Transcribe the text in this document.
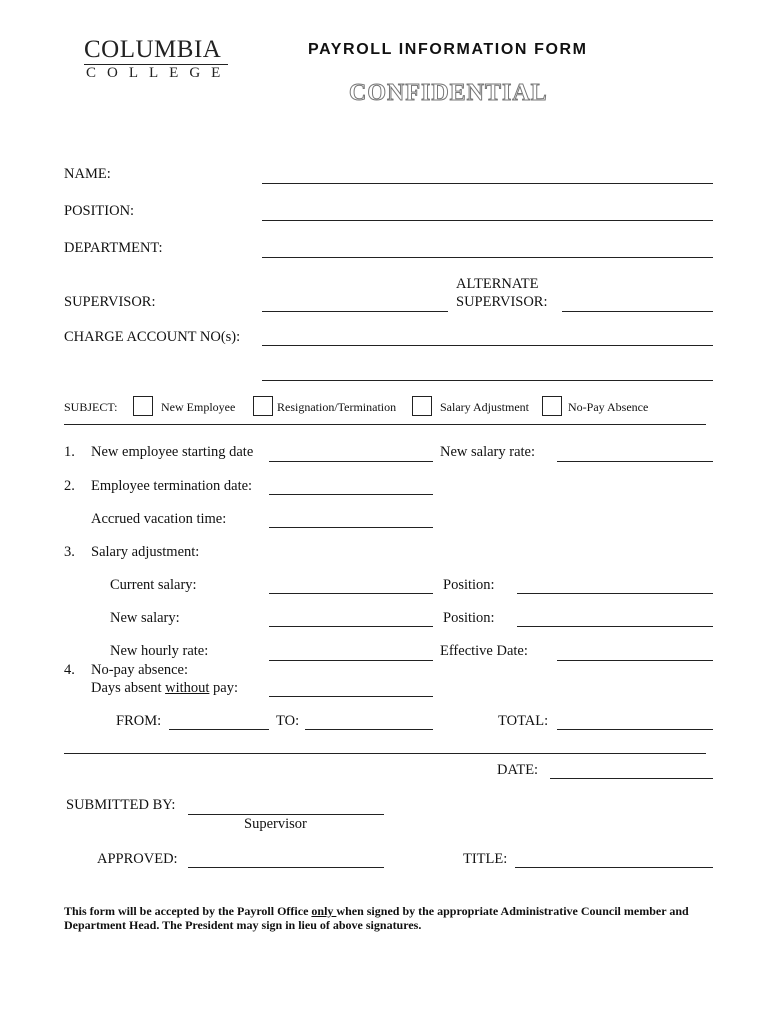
COLUMBIA
COLLEGE
PAYROLL INFORMATION FORM
CONFIDENTIAL
NAME:
POSITION:
DEPARTMENT:
SUPERVISOR:
ALTERNATE
SUPERVISOR:
CHARGE ACCOUNT NO(s):
SUBJECT:	New Employee	Resignation/Termination	Salary Adjustment	No-Pay Absence
1. New employee starting date	New salary rate:
2. Employee termination date:
Accrued vacation time:
3. Salary adjustment:
Current salary:	Position:
New salary:	Position:
New hourly rate:	Effective Date:
4. No-pay absence:
Days absent without pay:
FROM:	TO:	TOTAL:
DATE:
SUBMITTED BY:
Supervisor
APPROVED:	TITLE:
This form will be accepted by the Payroll Office only when signed by the appropriate Administrative Council member and Department Head. The President may sign in lieu of above signatures.
